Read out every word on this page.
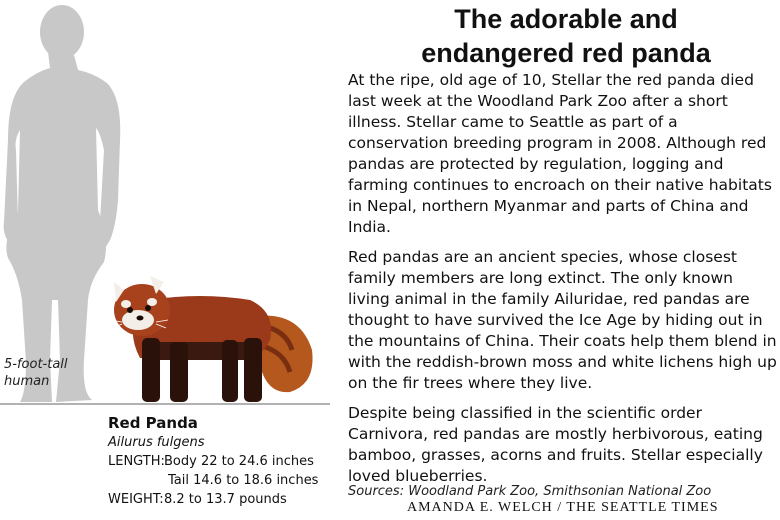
5-foot-tall
human
Red Panda
Ailurus fulgens
LENGTH: Body 22 to 24.6 inches
Tail 14.6 to 18.6 inches
WEIGHT: 8.2 to 13.7 pounds
The adorable and
endangered red panda

At the ripe, old age of 10, Stellar the red panda died last week at the Woodland Park Zoo after a short illness. Stellar came to Seattle as part of a conservation breeding program in 2008. Although red pandas are protected by regulation, logging and farming continues to encroach on their native habitats in Nepal, northern Myanmar and parts of China and India.

Red pandas are an ancient species, whose closest family members are long extinct. The only known living animal in the family Ailuridae, red pandas are thought to have survived the Ice Age by hiding out in the mountains of China. Their coats help them blend in with the reddish-brown moss and white lichens high up on the fir trees where they live.

Despite being classified in the scientific order Carnivora, red pandas are mostly herbivorous, eating bamboo, grasses, acorns and fruits. Stellar especially loved blueberries.

Sources: Woodland Park Zoo, Smithsonian National Zoo
AMANDA E. WELCH / THE SEATTLE TIMES
